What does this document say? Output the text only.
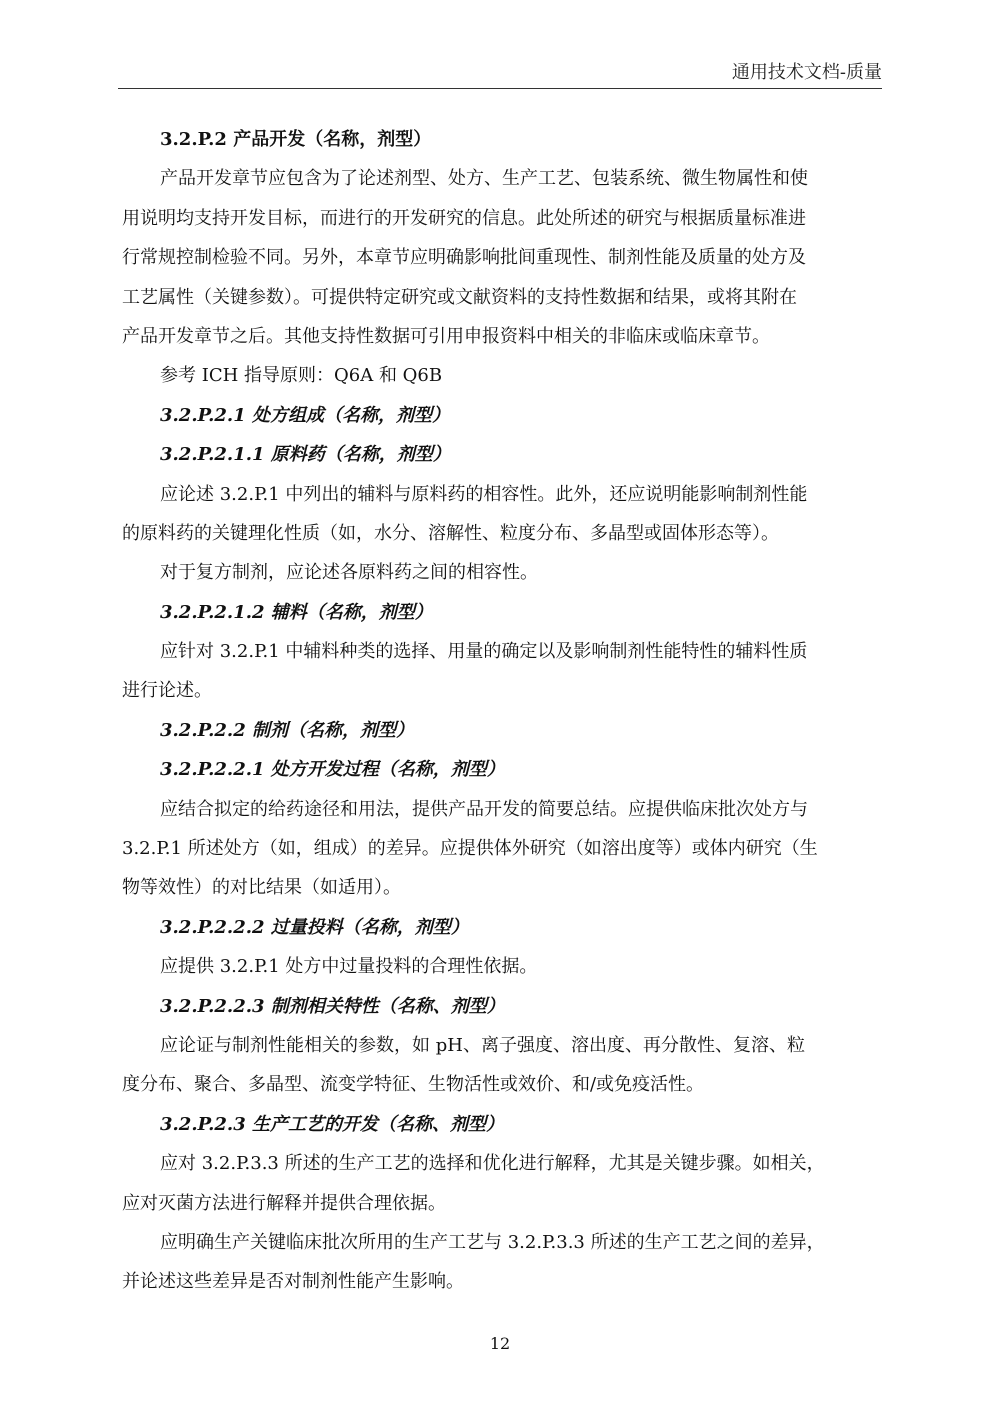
通用技术文档-质量
3.2.P.2 产品开发（名称，剂型）
产品开发章节应包含为了论述剂型、处方、生产工艺、包装系统、微生物属性和使
用说明均支持开发目标，而进行的开发研究的信息。此处所述的研究与根据质量标准进
行常规控制检验不同。另外，本章节应明确影响批间重现性、制剂性能及质量的处方及
工艺属性（关键参数）。可提供特定研究或文献资料的支持性数据和结果，或将其附在
产品开发章节之后。其他支持性数据可引用申报资料中相关的非临床或临床章节。
参考 ICH 指导原则：Q6A 和 Q6B
3.2.P.2.1 处方组成（名称，剂型）
3.2.P.2.1.1 原料药（名称，剂型）
应论述 3.2.P.1 中列出的辅料与原料药的相容性。此外，还应说明能影响制剂性能
的原料药的关键理化性质（如，水分、溶解性、粒度分布、多晶型或固体形态等）。
对于复方制剂，应论述各原料药之间的相容性。
3.2.P.2.1.2 辅料（名称，剂型）
应针对 3.2.P.1 中辅料种类的选择、用量的确定以及影响制剂性能特性的辅料性质
进行论述。
3.2.P.2.2 制剂（名称，剂型）
3.2.P.2.2.1 处方开发过程（名称，剂型）
应结合拟定的给药途径和用法，提供产品开发的简要总结。应提供临床批次处方与
3.2.P.1 所述处方（如，组成）的差异。应提供体外研究（如溶出度等）或体内研究（生
物等效性）的对比结果（如适用）。
3.2.P.2.2.2 过量投料（名称，剂型）
应提供 3.2.P.1 处方中过量投料的合理性依据。
3.2.P.2.2.3 制剂相关特性（名称、剂型）
应论证与制剂性能相关的参数，如 pH、离子强度、溶出度、再分散性、复溶、粒
度分布、聚合、多晶型、流变学特征、生物活性或效价、和/或免疫活性。
3.2.P.2.3 生产工艺的开发（名称、剂型）
应对 3.2.P.3.3 所述的生产工艺的选择和优化进行解释，尤其是关键步骤。如相关，
应对灭菌方法进行解释并提供合理依据。
应明确生产关键临床批次所用的生产工艺与 3.2.P.3.3 所述的生产工艺之间的差异，
并论述这些差异是否对制剂性能产生影响。
12
